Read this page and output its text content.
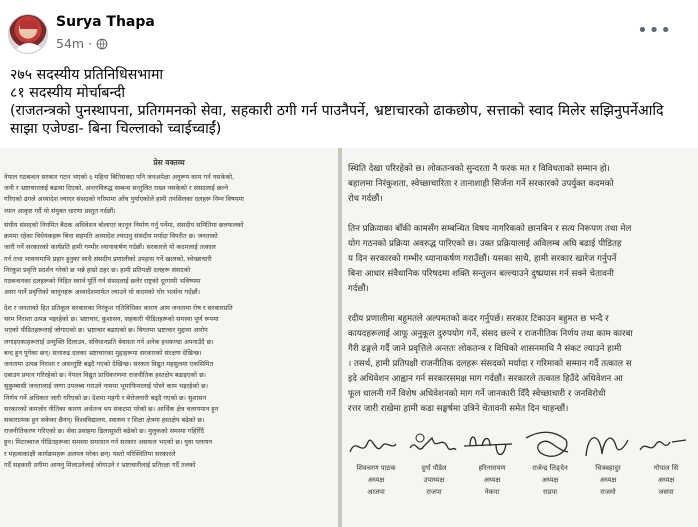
Surya Thapa
54m ·
•••
२७५ सदस्यीय प्रतिनिधिसभामा
८१ सदस्यीय मोर्चाबन्दी
(राजतन्त्रको पुनस्थापना, प्रतिगमनको सेवा, सहकारी ठगी गर्न पाउनैपर्ने, भ्रष्टाचारको ढाकछोप, सत्ताको स्वाद मिलेर सझिनुपर्नेआदि
साझा एजेण्डा- बिना चिल्लाको च्वाईच्वाईं)
प्रेस वक्तव्य
नेपाल गठबन्धन सरकार गठन भएको ६ महिना बितिसक्दा पनि जनअपेक्षा अनुरूप काम गर्न नसकेको,
जनी र भ्रष्टाचारलाई बढावा दिएको, अन्तरविरुद्ध सम्बन्ध सन्तुलित राख्न नसकेको र संसदलाई छल्ने
गरिएको ढंगले अध्यादेश ल्याएर संसदको गरिमामा आँच पुर्याएकोले हामी तपसिलका दलहरू निम्न विषयमा
ध्यान आकृष्ट गर्दै यो संयुक्त धारणा प्रस्तुत गर्दछौं।
संघीय संसदको नियमित बैठक अधिवेशन बोलाएर कानून निर्माण गर्नु पर्नेमा, संसदीय समितिमा छलफलको
क्रममा रहेका विधेयकहरू बिना सहमति अध्यादेश ल्याउनु संसदीय मर्यादा विपरीत छ। जनताको
जारी गर्ने सरकारको कार्यप्रति हामी गम्भीर ध्यानाकर्षण गर्दछौं। सरकारले यो कदमलाई तत्काल
गर्न तथा भावनामाथि प्रहार हुनुका साथै संसदीय प्रणालीको उपहास गर्ने खालको, स्वेच्छाचारी
निरंकुश प्रवृत्ति प्रदर्शन गरेको छ भन्ने हाम्रो ठहर छ। हामी प्रतिपक्षी दलहरू संसदको
गठबन्धनका दलहरूको निहित स्वार्थ पूर्ति गर्न संसदलाई छलेर राष्ट्रको दूरगामी भविष्यमा
असर पार्ने प्रवृत्तिको कानूनहरू अध्यादेशमार्फत ल्याउने यो कदमको घोर भर्त्सना गर्दछौं।
देश र जनताको हित प्रतिकूल सरकारका निरंकुश गतिविधिका कारण आम जनतामा रोष र सरकारप्रति
चरम निराशा उत्पन्न भइरहेको छ। भ्रष्टाचार, कुशासन, सहकारी पीडितहरूको समस्या पूर्ण रूपमा
भएको पीडितहरूलाई जोगाएको छ। भ्रष्टाचार बढाएको छ। विगतमा भ्रष्टाचार मुद्दामा आरोप
लगाइएकाहरूलाई उन्मुक्ति दिलाउन, संविधानप्रति बेवास्ता गर्न अनेक हथकण्डा अपनाउँदै छ।
बन्द हुन पुगेका छन्। सत्तारुढ दलका भ्रष्टाचारका मुद्दाहरूमा सरकारको संरक्षण देखिन्छ।
जनतामा उत्पन्न निराशा र असन्तुष्टि बढ्दै गएको देखिन्छ। सरकार विद्युत महसुलमा एकसिमित
दबाउन प्रयत्न गरिरहेको छ। नेपाल विद्युत प्राधिकरणमा राजनीतिक हस्तक्षेप बढाइएको छ।
सुकुम्बासी जनतालाई जग्गा उपलब्ध गराउने नाममा भूमाफियालाई पोस्ने काम भइरहेको छ।
निर्णय गर्ने अधिकार जारी गरिएको छ। देशमा महंगी र बेरोजगारी बढ्दै गएको छ। सुशासन
सरकारको कमजोर नीतिका कारण अर्थतन्त्र थप संकटमा परेको छ। आर्थिक क्षेत्र चलायमान हुन
सकारात्मक हुन सकेका छैनन्। विश्वविद्यालय, स्वास्थ्य र शिक्षा क्षेत्रमा हस्तक्षेप बढेको छ।
राजनीतिकरण गरिएको छ। सेवा प्रवाहमा ढिलासुस्ती बढेको छ। मुलुकको समस्या गहिरिँदै
हुन। मिटरब्याज पीडितहरूका समस्या समाधान गर्न सरकार असफल भएको छ। युवा पलायन
र महत्वाकांक्षी कार्यक्रमहरू अलपत्र परेका छन्। यस्तो परिस्थितिमा सरकारले
गर्दै सहकारी ठगीमा आफ्नु मिलाउनेलाई जोगाउने र भ्रष्टाचारीलाई प्रतिरक्षा गर्दै तलको
स्थिति देखा परिरहेको छ। लोकतन्त्रको सुन्दरता नै फरक मत र विविधताको सम्मान हो।
बहालमा निरंकुशता, स्वेच्छाचारिता र तानाशाही सिर्जना गर्ने सरकारको उपर्युक्त कदमको
रोध गर्दछौं।

तिन प्रक्रियाका बाँकी कामसँग सम्बन्धित विषय नागरिकको छानबिन र सत्य निरूपण तथा मेल
योग गठनको प्रक्रिया अवरुद्ध पारिएको छ। उक्त प्रक्रियालाई अविलम्ब अघि बढाई पीडितह
य दिन सरकारको गम्भीर ध्यानाकर्षण गराउँछौं। यसका साथै, हामी सरकार खारेज गर्नुपर्ने
बिना आधार संवैधानिक परिषदमा शक्ति सन्तुलन बल्ल्याउने दुष्प्रयास गर्न सक्ने चेतावनी
गर्दछौं।

रदीय प्रणालीमा बहुमतले अल्पमतको कदर गर्नुपर्छ। सरकार टिकाउन बहुमत छ भन्दै र
कायदहरूलाई आफू अनुकूल दुरुपयोग गर्ने, संसद छल्ने र राजनीतिक निर्णय तथा काम कारबा
गैरी ढङ्गले गर्दै जाने प्रवृत्तिले अन्ततः लोकतन्त्र र विधिको शासनमाथि नै संकट ल्याउने हामी
। तसर्थ, हामी प्रतिपक्षी राजनीतिक दलहरू संसदको मर्यादा र गरिमाको सम्मान गर्दै तत्काल स
इदे अधिवेशन आह्वान गर्न सरकारसमक्ष माग गर्दछौं। सरकारले तत्काल हिउँदे अधिवेशन आ
फूल धालनी गर्ने विशेष अधिवेशनको माग गर्ने जानकारी दिँदै स्वेच्छाचारी र जनविरोधी
रत्तर जारी राखेमा हामी कडा सङ्घर्षमा उत्रिने चेतावनी समेत दिन चाहन्छौं।
शिवचरण पाठक
अध्यक्ष
आजपा
दुर्गा पौडेल
उपाध्यक्ष
राजपा
हरिनारायण
अध्यक्ष
नेकपा
राजेन्द्र लिङ्देन
अध्यक्ष
राप्रपा
चित्रबहादुर
अध्यक्ष
राजमो
गोपाल सिं
अध्यक्ष
जसपा
